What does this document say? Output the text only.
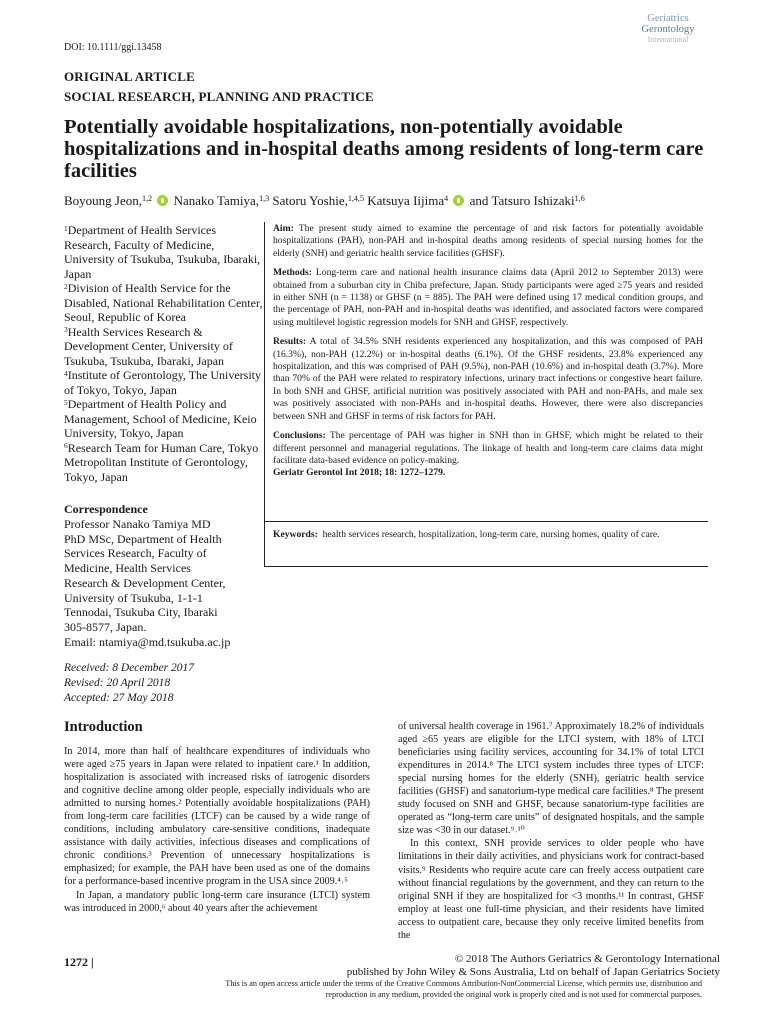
DOI: 10.1111/ggi.13458
Geriatrics
Gerontology
International
ORIGINAL ARTICLE
SOCIAL RESEARCH, PLANNING AND PRACTICE
Potentially avoidable hospitalizations, non-potentially avoidable hospitalizations and in-hospital deaths among residents of long-term care facilities
Boyoung Jeon,$^{1,2}$ Nanako Tamiya,$^{1,3}$ Satoru Yoshie,$^{1,4,5}$ Katsuya Iijima$^4$ and Tatsuro Ishizaki$^{1,6}$
$^1$Department of Health Services Research, Faculty of Medicine, University of Tsukuba, Tsukuba, Ibaraki, Japan
$^2$Division of Health Service for the Disabled, National Rehabilitation Center, Seoul, Republic of Korea
$^3$Health Services Research & Development Center, University of Tsukuba, Tsukuba, Ibaraki, Japan
$^4$Institute of Gerontology, The University of Tokyo, Tokyo, Japan
$^5$Department of Health Policy and Management, School of Medicine, Keio University, Tokyo, Japan
$^6$Research Team for Human Care, Tokyo Metropolitan Institute of Gerontology, Tokyo, Japan
Correspondence
Professor Nanako Tamiya MD
PhD MSc, Department of Health
Services Research, Faculty of
Medicine, Health Services
Research & Development Center,
University of Tsukuba, 1-1-1
Tennodai, Tsukuba City, Ibaraki
305-8577, Japan.
Email: ntamiya@md.tsukuba.ac.jp
Received: 8 December 2017
Revised: 20 April 2018
Accepted: 27 May 2018
Aim: The present study aimed to examine the percentage of and risk factors for potentially avoidable hospitalizations (PAH), non-PAH and in-hospital deaths among residents of special nursing homes for the elderly (SNH) and geriatric health service facilities (GHSF).
Methods: Long-term care and national health insurance claims data (April 2012 to September 2013) were obtained from a suburban city in Chiba prefecture, Japan. Study participants were aged ≥75 years and resided in either SNH (n = 1138) or GHSF (n = 885). The PAH were defined using 17 medical condition groups, and the percentage of PAH, non-PAH and in-hospital deaths was identified, and associated factors were compared using multilevel logistic regression models for SNH and GHSF, respectively.
Results: A total of 34.5% SNH residents experienced any hospitalization, and this was composed of PAH (16.3%), non-PAH (12.2%) or in-hospital deaths (6.1%). Of the GHSF residents, 23.8% experienced any hospitalization, and this was comprised of PAH (9.5%), non-PAH (10.6%) and in-hospital death (3.7%). More than 70% of the PAH were related to respiratory infections, urinary tract infections or congestive heart failure. In both SNH and GHSF, artificial nutrition was positively associated with PAH and non-PAHs, and male sex was positively associated with non-PAHs and in-hospital deaths. However, there were also discrepancies between SNH and GHSF in terms of risk factors for PAH.
Conclusions: The percentage of PAH was higher in SNH than in GHSF, which might be related to their different personnel and managerial regulations. The linkage of health and long-term care claims data might facilitate data-based evidence on policy-making.
Geriatr Gerontol Int 2018; 18: 1272–1279.
Keywords: health services research, hospitalization, long-term care, nursing homes, quality of care.
Introduction
In 2014, more than half of healthcare expenditures of individuals who were aged ≥75 years in Japan were related to inpatient care.¹ In addition, hospitalization is associated with increased risks of iatrogenic disorders and cognitive decline among older people, especially individuals who are admitted to nursing homes.² Potentially avoidable hospitalizations (PAH) from long-term care facilities (LTCF) can be caused by a wide range of conditions, including ambulatory care-sensitive conditions, inadequate assistance with daily activities, infectious diseases and complications of chronic conditions.³ Prevention of unnecessary hospitalizations is emphasized; for example, the PAH have been used as one of the domains for a performance-based incentive program in the USA since 2009.⁴˒⁵
In Japan, a mandatory public long-term care insurance (LTCI) system was introduced in 2000,⁶ about 40 years after the achievement
of universal health coverage in 1961.⁷ Approximately 18.2% of individuals aged ≥65 years are eligible for the LTCI system, with 18% of LTCI beneficiaries using facility services, accounting for 34.1% of total LTCI expenditures in 2014.⁸ The LTCI system includes three types of LTCF: special nursing homes for the elderly (SNH), geriatric health service facilities (GHSF) and sanatorium-type medical care facilities.⁸ The present study focused on SNH and GHSF, because sanatorium-type facilities are operated as “long-term care units” of designated hospitals, and the sample size was <30 in our dataset.⁹˒¹⁰
In this context, SNH provide services to older people who have limitations in their daily activities, and physicians work for contract-based visits.⁹ Residents who require acute care can freely access outpatient care without financial regulations by the government, and they can return to the original SNH if they are hospitalized for <3 months.¹¹ In contrast, GHSF employ at least one full-time physician, and their residents have limited access to outpatient care, because they only receive limited benefits from the
1272 |	© 2018 The Authors Geriatrics & Gerontology International
published by John Wiley & Sons Australia, Ltd on behalf of Japan Geriatrics Society
This is an open access article under the terms of the Creative Commons Attribution-NonCommercial License, which permits use, distribution and
reproduction in any medium, provided the original work is properly cited and is not used for commercial purposes.
